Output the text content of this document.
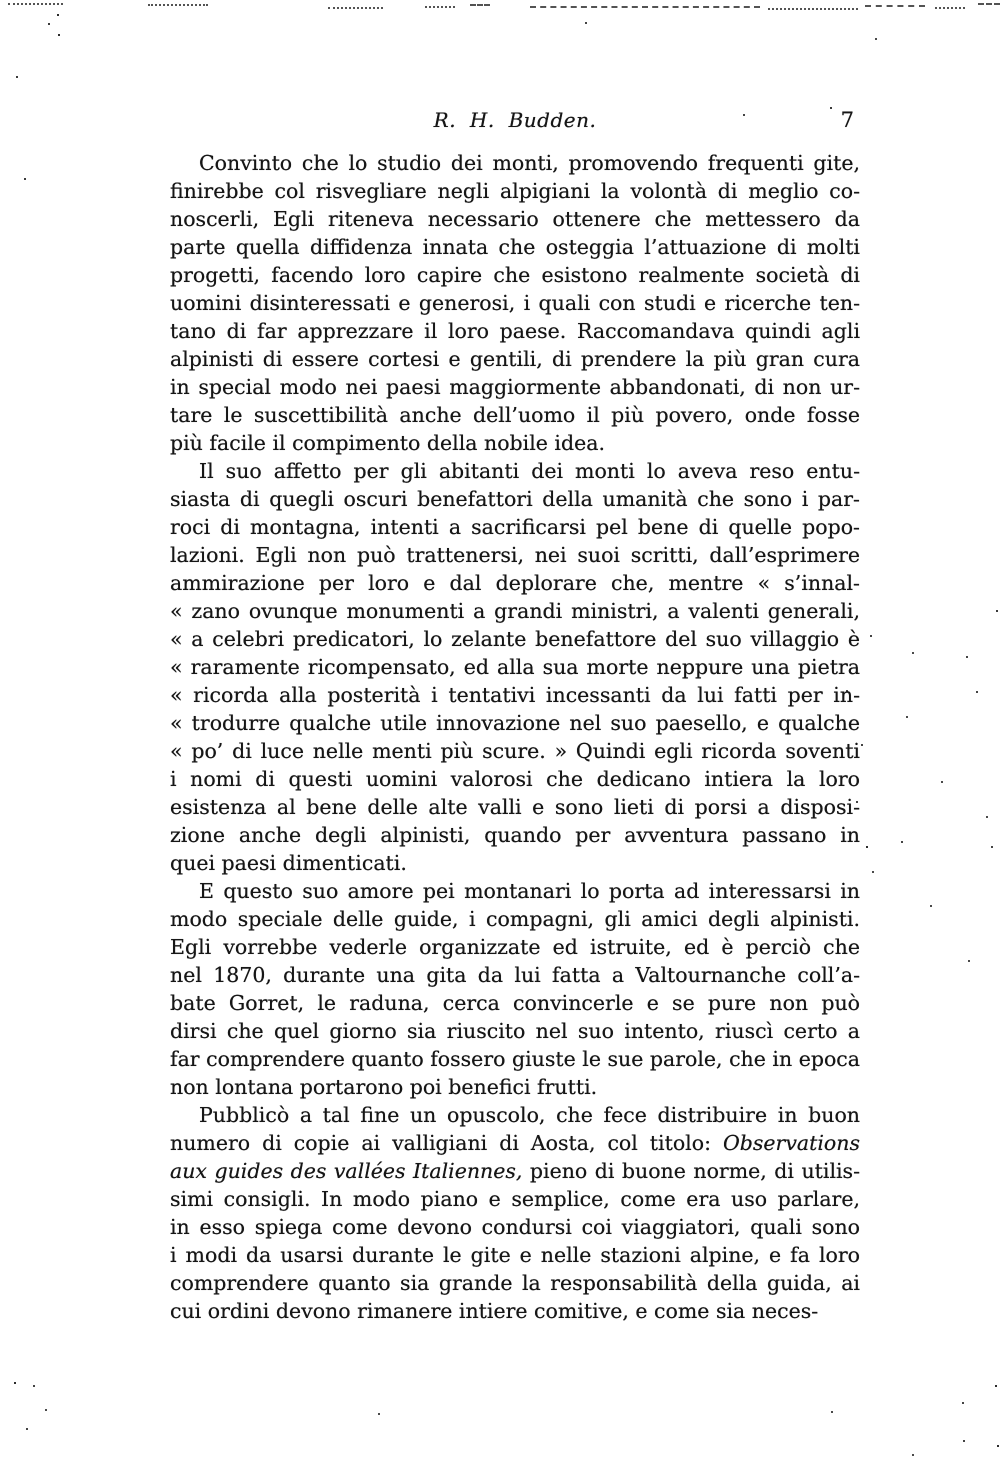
R. H. Budden.	7
Convinto che lo studio dei monti, promovendo frequenti gite,
finirebbe col risvegliare negli alpigiani la volontà di meglio co-
noscerli, Egli riteneva necessario ottenere che mettessero da
parte quella diffidenza innata che osteggia l’attuazione di molti
progetti, facendo loro capire che esistono realmente società di
uomini disinteressati e generosi, i quali con studi e ricerche ten-
tano di far apprezzare il loro paese. Raccomandava quindi agli
alpinisti di essere cortesi e gentili, di prendere la più gran cura
in special modo nei paesi maggiormente abbandonati, di non ur-
tare le suscettibilità anche dell’uomo il più povero, onde fosse
più facile il compimento della nobile idea.
Il suo affetto per gli abitanti dei monti lo aveva reso entu-
siasta di quegli oscuri benefattori della umanità che sono i par-
roci di montagna, intenti a sacrificarsi pel bene di quelle popo-
lazioni. Egli non può trattenersi, nei suoi scritti, dall’esprimere
ammirazione per loro e dal deplorare che, mentre « s’innal-
« zano ovunque monumenti a grandi ministri, a valenti generali,
« a celebri predicatori, lo zelante benefattore del suo villaggio è
« raramente ricompensato, ed alla sua morte neppure una pietra
« ricorda alla posterità i tentativi incessanti da lui fatti per in-
« trodurre qualche utile innovazione nel suo paesello, e qualche
« po’ di luce nelle menti più scure. » Quindi egli ricorda soventi
i nomi di questi uomini valorosi che dedicano intiera la loro
esistenza al bene delle alte valli e sono lieti di porsi a disposi-
zione anche degli alpinisti, quando per avventura passano in
quei paesi dimenticati.
E questo suo amore pei montanari lo porta ad interessarsi in
modo speciale delle guide, i compagni, gli amici degli alpinisti.
Egli vorrebbe vederle organizzate ed istruite, ed è perciò che
nel 1870, durante una gita da lui fatta a Valtournanche coll’a-
bate Gorret, le raduna, cerca convincerle e se pure non può
dirsi che quel giorno sia riuscito nel suo intento, riuscì certo a
far comprendere quanto fossero giuste le sue parole, che in epoca
non lontana portarono poi benefici frutti.
Pubblicò a tal fine un opuscolo, che fece distribuire in buon
numero di copie ai valligiani di Aosta, col titolo: Observations
aux guides des vallées Italiennes, pieno di buone norme, di utilis-
simi consigli. In modo piano e semplice, come era uso parlare,
in esso spiega come devono condursi coi viaggiatori, quali sono
i modi da usarsi durante le gite e nelle stazioni alpine, e fa loro
comprendere quanto sia grande la responsabilità della guida, ai
cui ordini devono rimanere intiere comitive, e come sia neces-
